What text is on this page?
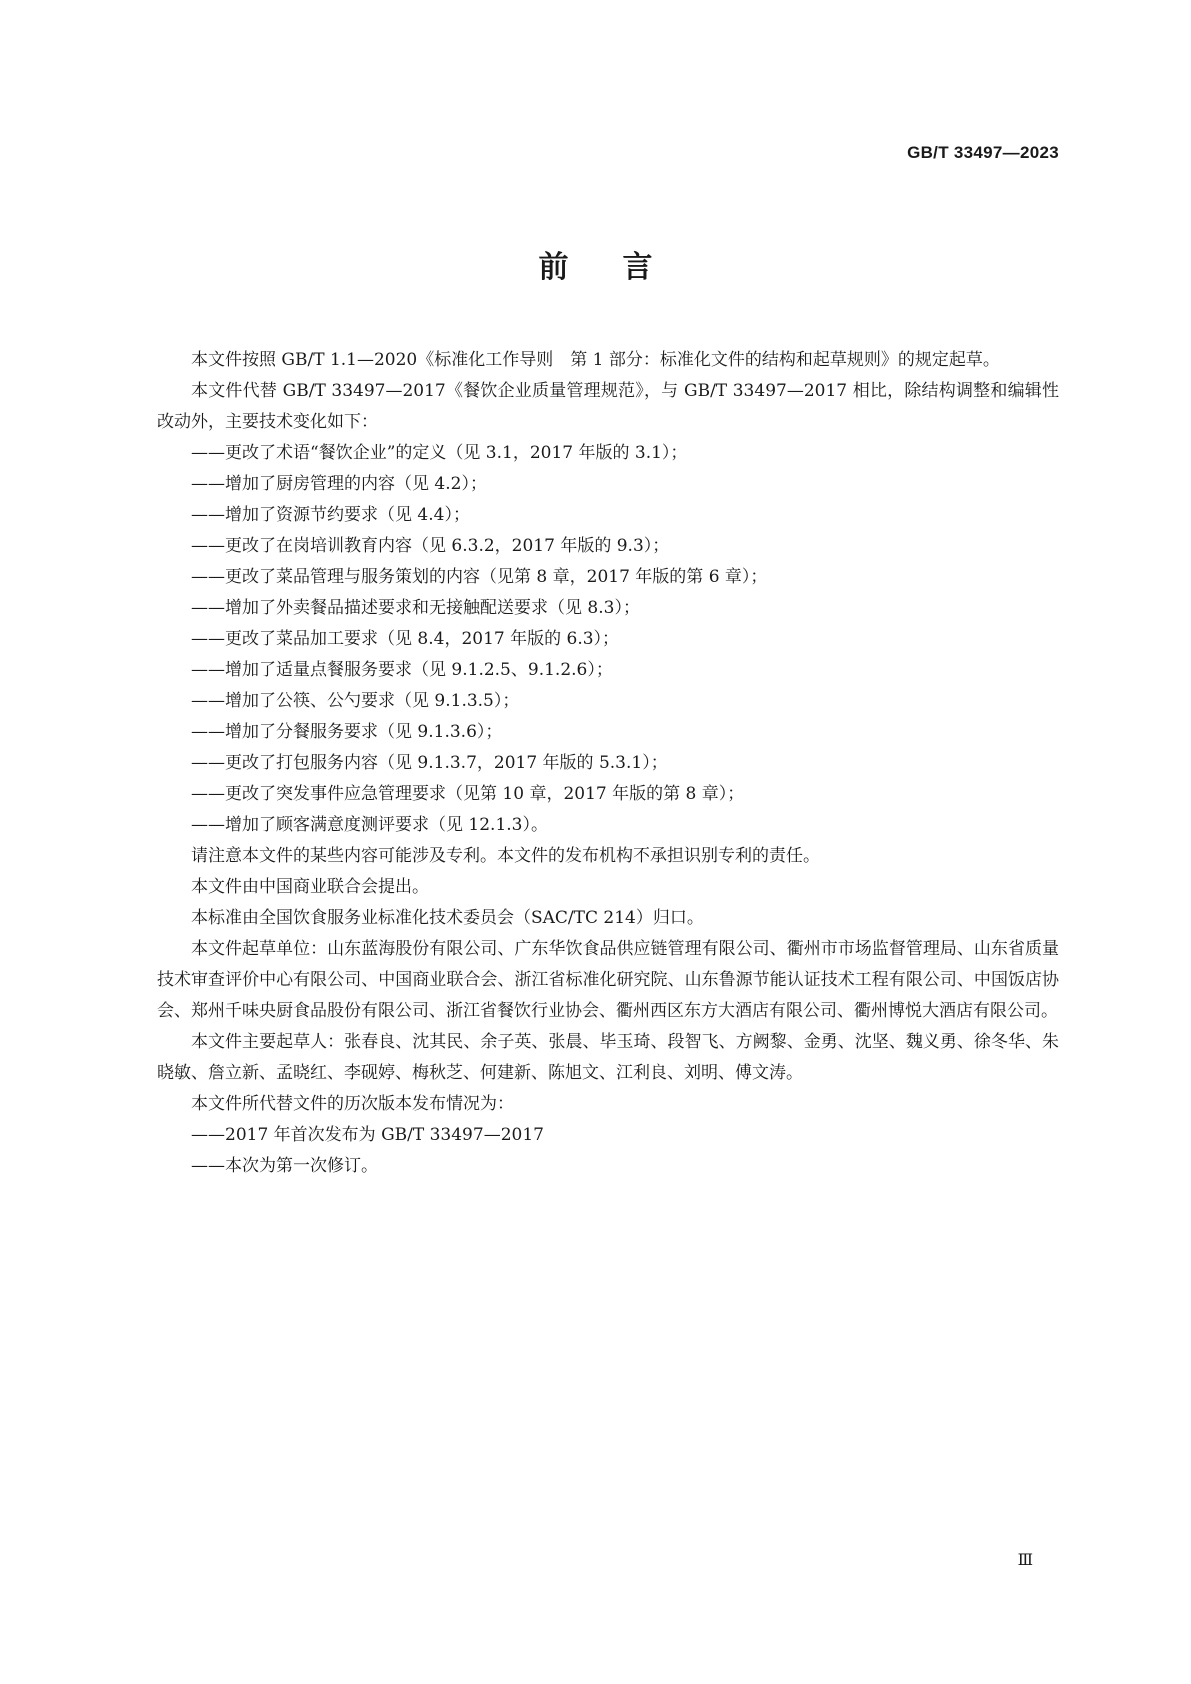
GB/T 33497—2023
前言

本文件按照 GB/T 1.1—2020《标准化工作导则　第 1 部分：标准化文件的结构和起草规则》的规定起草。

本文件代替 GB/T 33497—2017《餐饮企业质量管理规范》，与 GB/T 33497—2017 相比，除结构调整和编辑性改动外，主要技术变化如下：

——更改了术语“餐饮企业”的定义（见 3.1，2017 年版的 3.1）；

——增加了厨房管理的内容（见 4.2）；

——增加了资源节约要求（见 4.4）；

——更改了在岗培训教育内容（见 6.3.2，2017 年版的 9.3）；

——更改了菜品管理与服务策划的内容（见第 8 章，2017 年版的第 6 章）；

——增加了外卖餐品描述要求和无接触配送要求（见 8.3）；

——更改了菜品加工要求（见 8.4，2017 年版的 6.3）；

——增加了适量点餐服务要求（见 9.1.2.5、9.1.2.6）；

——增加了公筷、公勺要求（见 9.1.3.5）；

——增加了分餐服务要求（见 9.1.3.6）；

——更改了打包服务内容（见 9.1.3.7，2017 年版的 5.3.1）；

——更改了突发事件应急管理要求（见第 10 章，2017 年版的第 8 章）；

——增加了顾客满意度测评要求（见 12.1.3）。

请注意本文件的某些内容可能涉及专利。本文件的发布机构不承担识别专利的责任。

本文件由中国商业联合会提出。

本标准由全国饮食服务业标准化技术委员会（SAC/TC 214）归口。

本文件起草单位：山东蓝海股份有限公司、广东华饮食品供应链管理有限公司、衢州市市场监督管理局、山东省质量技术审查评价中心有限公司、中国商业联合会、浙江省标准化研究院、山东鲁源节能认证技术工程有限公司、中国饭店协会、郑州千味央厨食品股份有限公司、浙江省餐饮行业协会、衢州西区东方大酒店有限公司、衢州博悦大酒店有限公司。

本文件主要起草人：张春良、沈其民、余子英、张晨、毕玉琦、段智飞、方阙黎、金勇、沈坚、魏义勇、徐冬华、朱晓敏、詹立新、孟晓红、李砚婷、梅秋芝、何建新、陈旭文、江利良、刘明、傅文涛。

本文件所代替文件的历次版本发布情况为：

——2017 年首次发布为 GB/T 33497—2017

——本次为第一次修订。

Ⅲ
